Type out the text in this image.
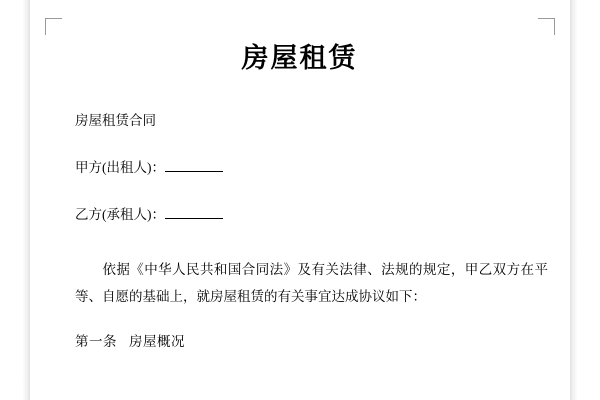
房屋租赁

房屋租赁合同

甲方(出租人)：

乙方(承租人)：

依据《中华人民共和国合同法》及有关法律、法规的规定，甲乙双方在平等、自愿的基础上，就房屋租赁的有关事宜达成协议如下：

第一条 房屋概况
